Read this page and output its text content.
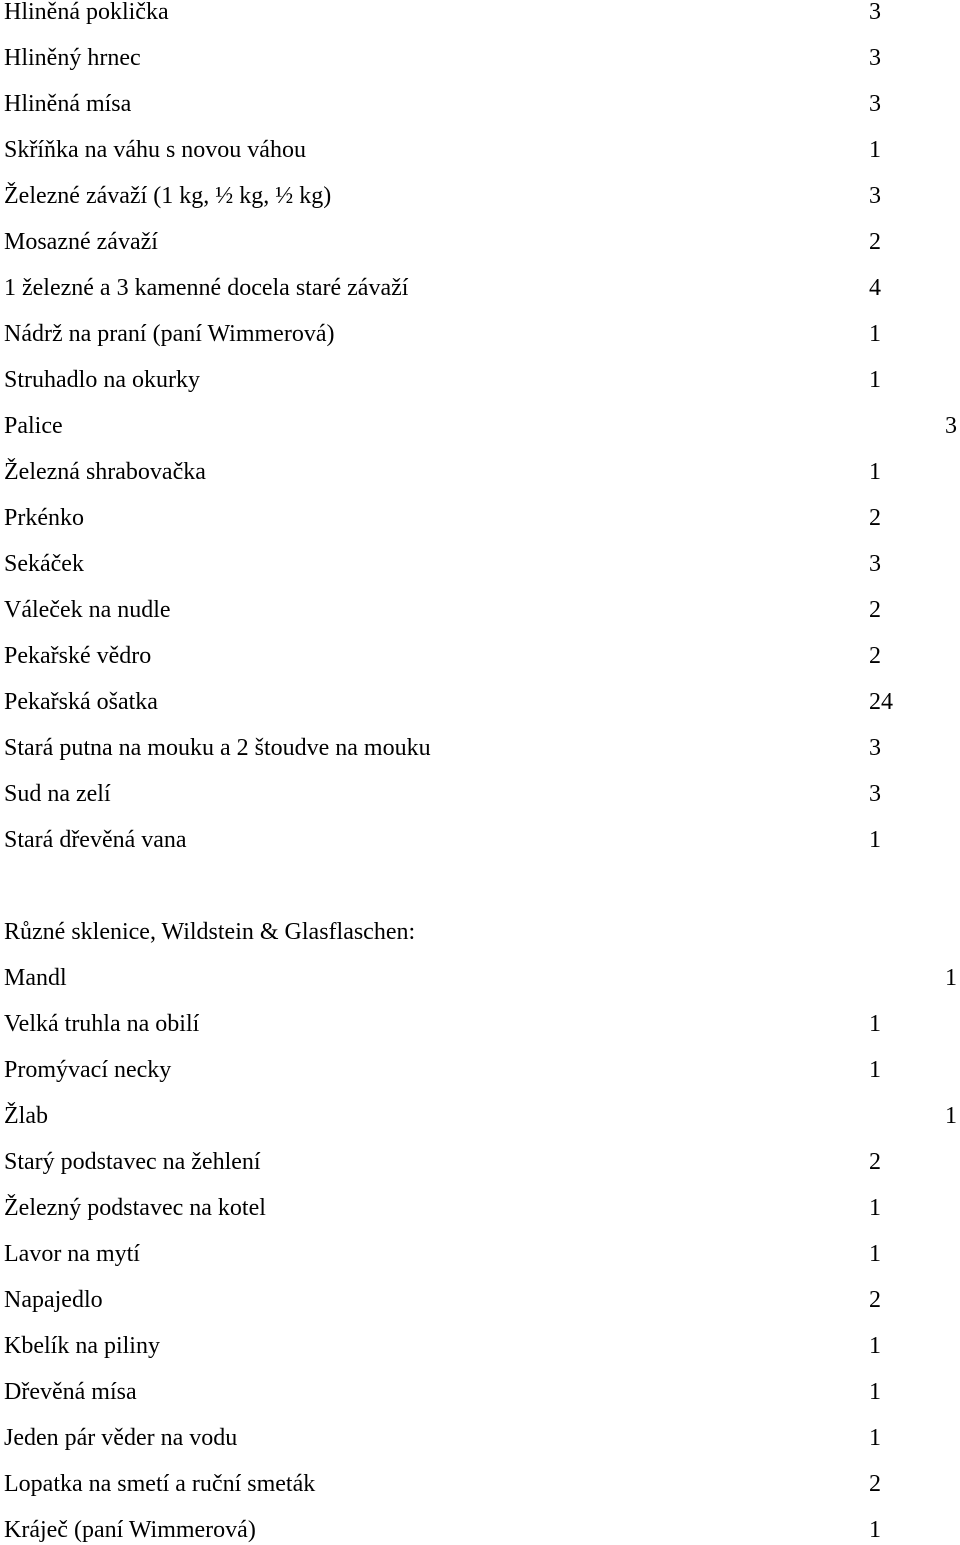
Hliněná poklička	3
Hliněný hrnec	3
Hliněná mísa	3
Skříňka na váhu s novou váhou	1
Železné závaží (1 kg, ½ kg, ½ kg)	3
Mosazné závaží	2
1 železné a 3 kamenné docela staré závaží	4
Nádrž na praní (paní Wimmerová)	1
Struhadlo na okurky	1
Palice	3
Železná shrabovačka	1
Prkénko	2
Sekáček	3
Váleček na nudle	2
Pekařské vědro	2
Pekařská ošatka	24
Stará putna na mouku a 2 štoudve na mouku	3
Sud na zelí	3
Stará dřevěná vana	1
Různé sklenice, Wildstein & Glasflaschen:
Mandl	1
Velká truhla na obilí	1
Promývací necky	1
Žlab	1
Starý podstavec na žehlení	2
Železný podstavec na kotel	1
Lavor na mytí	1
Napajedlo	2
Kbelík na piliny	1
Dřevěná mísa	1
Jeden pár věder na vodu	1
Lopatka na smetí a ruční smeták	2
Kráječ (paní Wimmerová)	1
